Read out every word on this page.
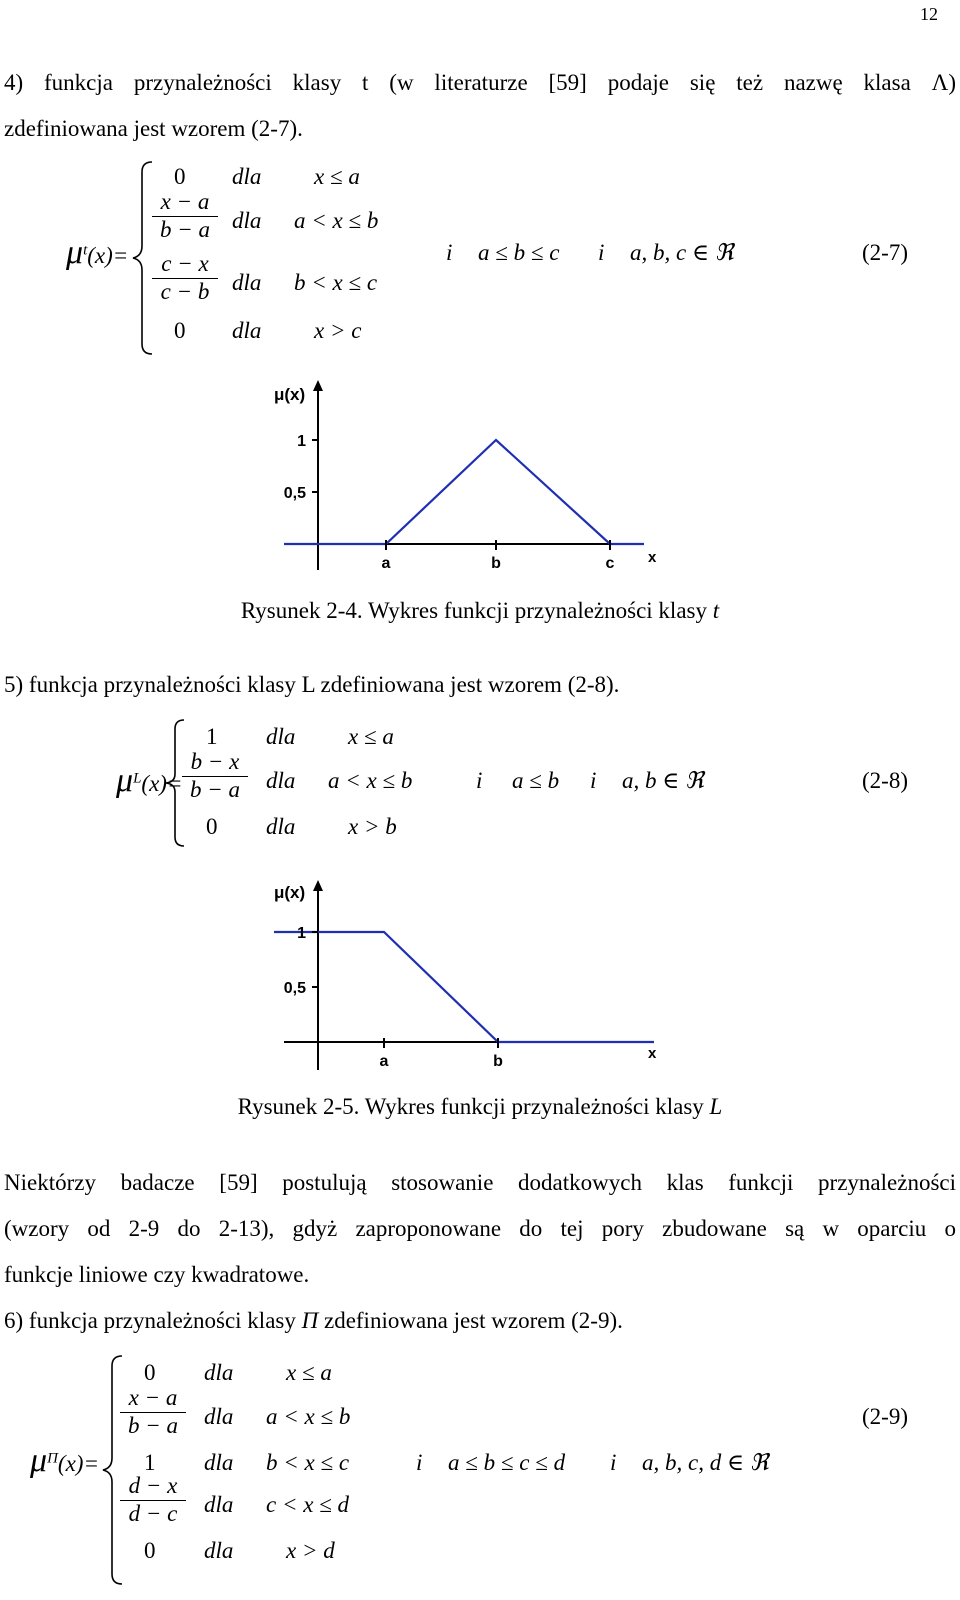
12
4) funkcja przynależności klasy t (w literaturze [59] podaje się też nazwę klasa Λ)
zdefiniowana jest wzorem (2-7).
$\mu^t(x)=$
0 dla x ≤ a
x − a
b − a dla a < x ≤ b
c − x
c − b dla b < x ≤ c
0 dla x > c
i a ≤ b ≤ c i a, b, c ∈ ℜ	(2-7)
μ(x)
x
1
0,5
a	b	c
Rysunek 2-4. Wykres funkcji przynależności klasy t
5) funkcja przynależności klasy L zdefiniowana jest wzorem (2-8).
$\mu^L(x)=$
1 dla x ≤ a
b − x
b − a dla a < x ≤ b
0 dla x > b
i a ≤ b i a, b ∈ ℜ	(2-8)
μ(x)
x
1
0,5
a	b
Rysunek 2-5. Wykres funkcji przynależności klasy L
Niektórzy badacze [59] postulują stosowanie dodatkowych klas funkcji przynależności
(wzory od 2-9 do 2-13), gdyż zaproponowane do tej pory zbudowane są w oparciu o
funkcje liniowe czy kwadratowe.
6) funkcja przynależności klasy Π zdefiniowana jest wzorem (2-9).
$\mu^\Pi(x)=$
0 dla x ≤ a
x − a
b − a dla a < x ≤ b
1 dla b < x ≤ c
d − x
d − c dla c < x ≤ d
0 dla x > d
i a ≤ b ≤ c ≤ d i a, b, c, d ∈ ℜ
(2-9)
